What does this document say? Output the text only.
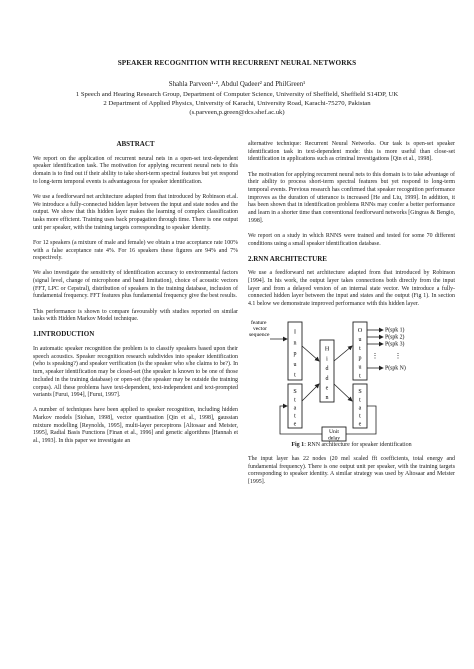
SPEAKER RECOGNITION WITH RECURRENT NEURAL NETWORKS
Shahla Parveen¹·², Abdul Qadeer² and PhilGreen¹
1 Speech and Hearing Research Group, Department of Computer Science, University of Sheffield, Sheffield S14DP, UK
2 Department of Applied Physics, University of Karachi, University Road, Karachi-75270, Pakistan
(s.parveen,p.green@dcs.shef.ac.uk)
ABSTRACT

We report on the application of recurrent neural nets in a open-set text-dependent speaker identification task. The motivation for applying recurrent neural nets to this domain is to find out if their ability to take short-term spectral features but yet respond to long-term temporal events is advantageous for speaker identification.

We use a feedforward net architecture adapted from that introduced by Robinson et.al. We introduce a fully-connected hidden layer between the input and state nodes and the output. We show that this hidden layer makes the learning of complex classification tasks more efficient. Training uses back propagation through time. There is one output unit per speaker, with the training targets corresponding to speaker identity.

For 12 speakers (a mixture of male and female) we obtain a true acceptance rate 100% with a false acceptance rate 4%. For 16 speakers these figures are 94% and 7% respectively.

We also investigate the sensitivity of identification accuracy to environmental factors (signal level, change of microphone and band limitation), choice of acoustic vectors (FFT, LPC or Cepstral), distribution of speakers in the training database, inclusion of fundamental frequency. FFT features plus fundamental frequency give the best results.

This performance is shown to compare favourably with studies reported on similar tasks with Hidden Markov Model technique.

1.INTRODUCTION

In automatic speaker recognition the problem is to classify speakers based upon their speech acoustics. Speaker recognition research subdivides into speaker identification (who is speaking?) and speaker verification (is the speaker who s/he claims to be?). In turn, speaker identification may be closed-set (the speaker is known to be one of those included in the training database) or open-set (the speaker may be outside the training corpus). All these problems have text-dependent, text-independent and text-prompted variants [Furui, 1994], [Furui, 1997].

A number of techniques have been applied to speaker recognition, including hidden Markov models [Siohan, 1998], vector quantisation [Qin et al., 1998], gaussian mixture modelling [Reynolds, 1995], multi-layer perceptrons [Altosaar and Meister, 1995], Radial Basis Functions [Finan et al., 1996] and genetic algorithms [Hannah et al., 1993]. In this paper we investigate an

alternative technique: Recurrent Neural Networks. Our task is open-set speaker identification task in text-dependent mode: this is more useful than close-set identification in applications such as criminal investigations [Qin et al., 1998].

The motivation for applying recurrent neural nets to this domain is to take advantage of their ability to process short-term spectral features but yet respond to long-term temporal events. Previous research has confirmed that speaker recognition performance improves as the duration of utterance is increased [He and Liu, 1999]. In addition, it has been shown that in identification problems RNNs may confer a better performance and learn in a shorter time than conventional feedforward networks [Gingras & Bengio, 1998].

We report on a study in which RNNS were trained and tested for some 70 different conditions using a small speaker identification database.

2.RNN ARCHITECTURE

We use a feedforward net architecture adapted from that introduced by Robinson [1994]. In his work, the output layer takes connections both directly from the input layer and from a delayed version of an internal state vector. We introduce a fully-connected hidden layer between the input and states and the output (Fig 1). In section 4.1 below we demonstrate improved performance with this hidden layer.

feature
vector
sequence	I
n
p
u
t
S
t
a
t
e
H
i
d
d
e
n
O
u
t
p
u
t
S
t
a
t
e
⋮
P(spk 1)
P(spk 2)
P(spk 3)
⋮
P(spk N)
Unit
delay
Fig 1: RNN architecture for speaker identification

The input layer has 22 nodes (20 mel scaled fft coefficients, total energy and fundamental frequency). There is one output unit per speaker, with the training targets corresponding to speaker identity. A similar strategy was used by Altosaar and Meister [1995].
